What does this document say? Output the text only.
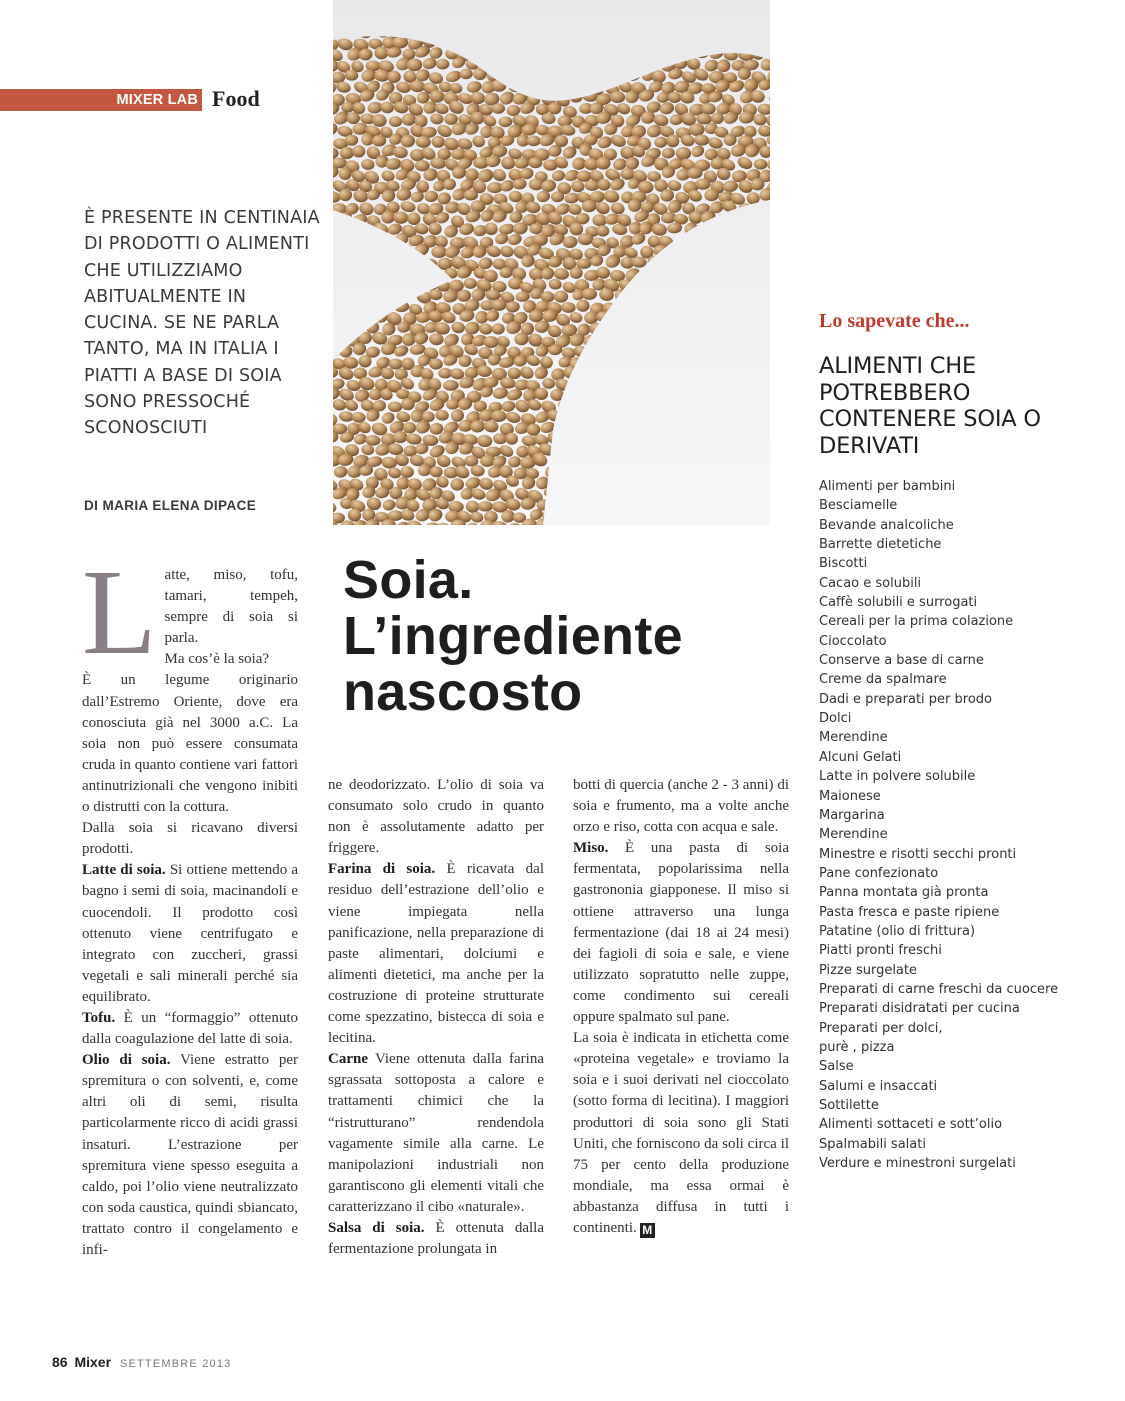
MIXER LAB Food

È PRESENTE IN CENTINAIA DI PRODOTTI O ALIMENTI CHE UTILIZZIAMO ABITUALMENTE IN CUCINA. SE NE PARLA TANTO, MA IN ITALIA I PIATTI A BASE DI SOIA SONO PRESSOCHÉ SCONOSCIUTI

DI MARIA ELENA DIPACE
Soia.
L’ingrediente
nascosto
L atte, miso, tofu, tamari, tempeh, sempre di soia si parla.

Ma cos’è la soia?

È un legume originario dall’Estremo Oriente, dove era conosciuta già nel 3000 a.C. La soia non può essere consumata cruda in quanto contiene vari fattori antinutrizionali che vengono inibiti o distrutti con la cottura.

Dalla soia si ricavano diversi prodotti.

Latte di soia. Si ottiene mettendo a bagno i semi di soia, macinandoli e cuocendoli. Il prodotto così ottenuto viene centrifugato e integrato con zuccheri, grassi vegetali e sali minerali perché sia equilibrato.

Tofu. È un “formaggio” ottenuto dalla coagulazione del latte di soia.

Olio di soia. Viene estratto per spremitura o con solventi, e, come altri oli di semi, risulta particolarmente ricco di acidi grassi insaturi. L’estrazione per spremitura viene spesso eseguita a caldo, poi l’olio viene neutralizzato con soda caustica, quindi sbiancato, trattato contro il congelamento e infi-

ne deodorizzato. L’olio di soia va consumato solo crudo in quanto non è assolutamente adatto per friggere.

Farina di soia. È ricavata dal residuo dell’estrazione dell’olio e viene impiegata nella panificazione, nella preparazione di paste alimentari, dolciumi e alimenti dietetici, ma anche per la costruzione di proteine strutturate come spezzatino, bistecca di soia e lecitina.

Carne Viene ottenuta dalla farina sgrassata sottoposta a calore e trattamenti chimici che la “ristrutturano” rendendola vagamente simile alla carne. Le manipolazioni industriali non garantiscono gli elementi vitali che caratterizzano il cibo «naturale».

Salsa di soia. È ottenuta dalla fermentazione prolungata in

botti di quercia (anche 2 - 3 anni) di soia e frumento, ma a volte anche orzo e riso, cotta con acqua e sale.

Miso. È una pasta di soia fermentata, popolarissima nella gastrononia giapponese. Il miso si ottiene attraverso una lunga fermentazione (dai 18 ai 24 mesi) dei fagioli di soia e sale, e viene utilizzato sopratutto nelle zuppe, come condimento sui cereali oppure spalmato sul pane.

La soia è indicata in etichetta come «proteina vegetale» e troviamo la soia e i suoi derivati nel cioccolato (sotto forma di lecitina). I maggiori produttori di soia sono gli Stati Uniti, che forniscono da soli circa il 75 per cento della produzione mondiale, ma essa ormai è abbastanza diffusa in tutti i continenti. M

Lo sapevate che...
ALIMENTI CHE POTREBBERO CONTENERE SOIA O DERIVATI
Alimenti per bambini
Besciamelle
Bevande analcoliche
Barrette dietetiche
Biscotti
Cacao e solubili
Caffè solubili e surrogati
Cereali per la prima colazione
Cioccolato
Conserve a base di carne
Creme da spalmare
Dadi e preparati per brodo
Dolci
Merendine
Alcuni Gelati
Latte in polvere solubile
Maionese
Margarina
Merendine
Minestre e risotti secchi pronti
Pane confezionato
Panna montata già pronta
Pasta fresca e paste ripiene
Patatine (olio di frittura)
Piatti pronti freschi
Pizze surgelate
Preparati di carne freschi da cuocere
Preparati disidratati per cucina
Preparati per dolci,
purè , pizza
Salse
Salumi e insaccati
Sottilette
Alimenti sottaceti e sott’olio
Spalmabili salati
Verdure e minestroni surgelati
86 Mixer SETTEMBRE 2013
